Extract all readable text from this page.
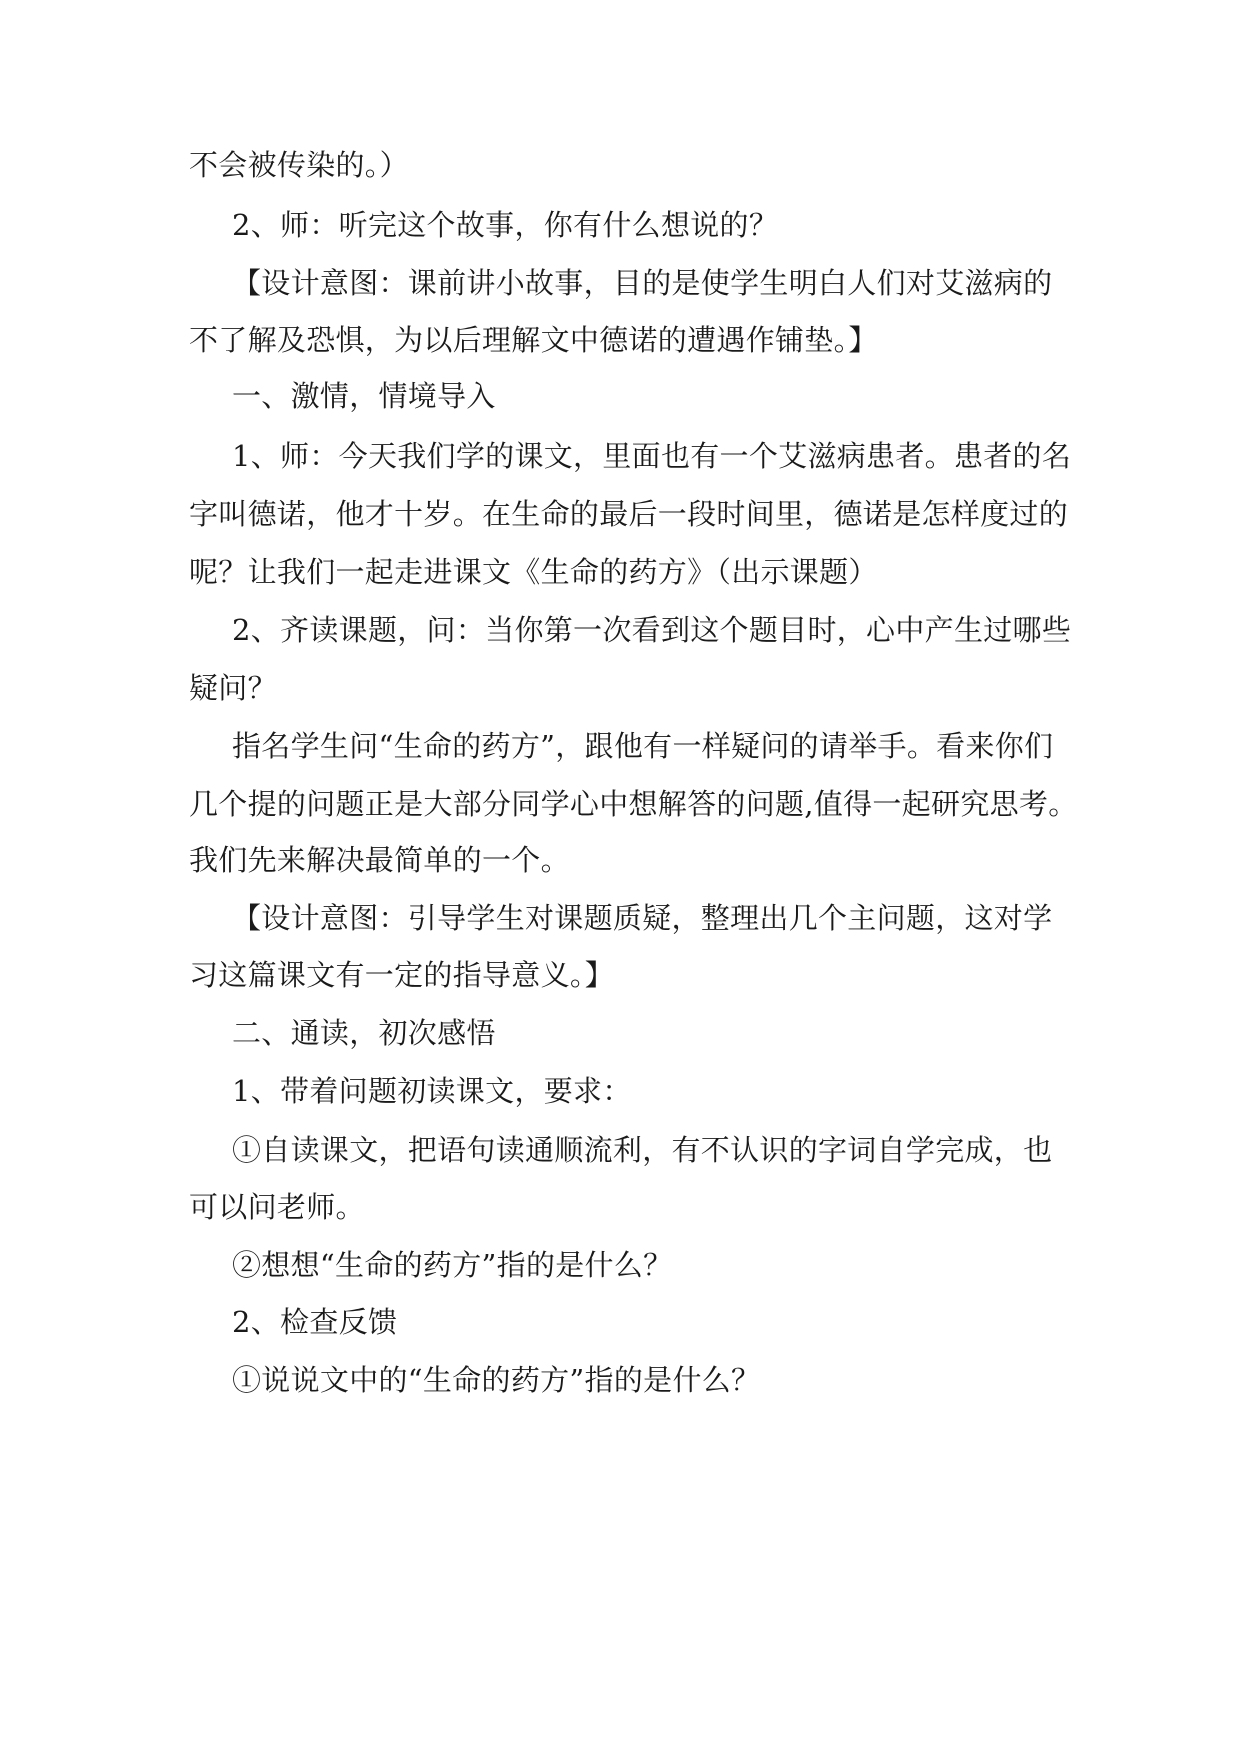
不会被传染的。）
2、师：听完这个故事，你有什么想说的？
【设计意图：课前讲小故事，目的是使学生明白人们对艾滋病的
不了解及恐惧，为以后理解文中德诺的遭遇作铺垫。】
一、激情，情境导入
1、师：今天我们学的课文，里面也有一个艾滋病患者。患者的名
字叫德诺，他才十岁。在生命的最后一段时间里，德诺是怎样度过的
呢？让我们一起走进课文《生命的药方》（出示课题）
2、齐读课题，问：当你第一次看到这个题目时，心中产生过哪些
疑问？
指名学生问“生命的药方”，跟他有一样疑问的请举手。看来你们
几个提的问题正是大部分同学心中想解答的问题,值得一起研究思考。
我们先来解决最简单的一个。
【设计意图：引导学生对课题质疑，整理出几个主问题，这对学
习这篇课文有一定的指导意义。】
二、通读，初次感悟
1、带着问题初读课文，要求：
①自读课文，把语句读通顺流利，有不认识的字词自学完成，也
可以问老师。
②想想“生命的药方”指的是什么？
2、检查反馈
①说说文中的“生命的药方”指的是什么？
